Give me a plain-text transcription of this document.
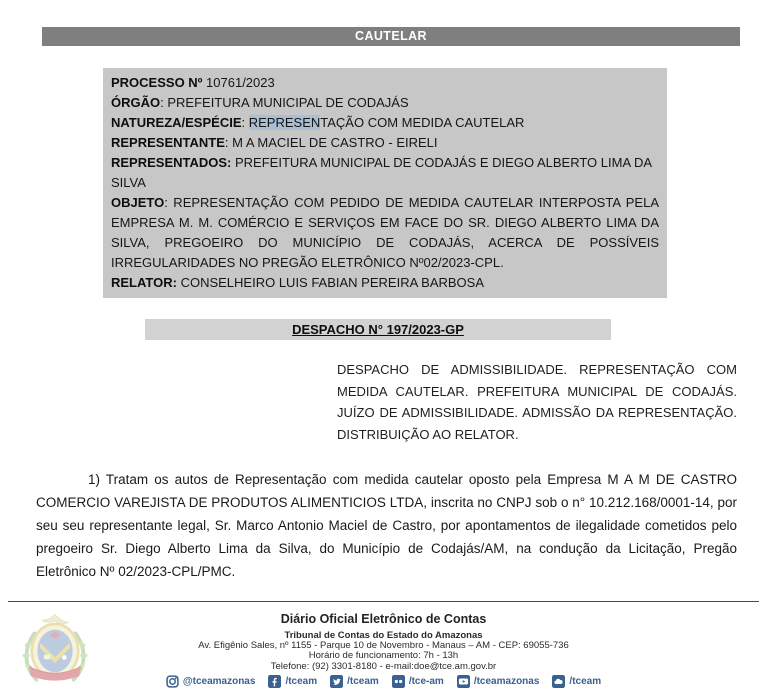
CAUTELAR
PROCESSO Nº 10761/2023
ÓRGÃO: PREFEITURA MUNICIPAL DE CODAJÁS
NATUREZA/ESPÉCIE: REPRESENTAÇÃO COM MEDIDA CAUTELAR
REPRESENTANTE: M A MACIEL DE CASTRO - EIRELI
REPRESENTADOS: PREFEITURA MUNICIPAL DE CODAJÁS E DIEGO ALBERTO LIMA DA SILVA
OBJETO: REPRESENTAÇÃO COM PEDIDO DE MEDIDA CAUTELAR INTERPOSTA PELA EMPRESA M. M. COMÉRCIO E SERVIÇOS EM FACE DO SR. DIEGO ALBERTO LIMA DA SILVA, PREGOEIRO DO MUNICÍPIO DE CODAJÁS, ACERCA DE POSSÍVEIS IRREGULARIDADES NO PREGÃO ELETRÔNICO Nº02/2023-CPL.
RELATOR: CONSELHEIRO LUIS FABIAN PEREIRA BARBOSA
DESPACHO N° 197/2023-GP
DESPACHO DE ADMISSIBILIDADE. REPRESENTAÇÃO COM MEDIDA CAUTELAR. PREFEITURA MUNICIPAL DE CODAJÁS. JUÍZO DE ADMISSIBILIDADE. ADMISSÃO DA REPRESENTAÇÃO. DISTRIBUIÇÃO AO RELATOR.
1) Tratam os autos de Representação com medida cautelar oposto pela Empresa M A M DE CASTRO COMERCIO VAREJISTA DE PRODUTOS ALIMENTICIOS LTDA, inscrita no CNPJ sob o n° 10.212.168/0001-14, por seu seu representante legal, Sr. Marco Antonio Maciel de Castro, por apontamentos de ilegalidade cometidos pelo pregoeiro Sr. Diego Alberto Lima da Silva, do Município de Codajás/AM, na condução da Licitação, Pregão Eletrônico Nº 02/2023-CPL/PMC.
Diário Oficial Eletrônico de Contas
Tribunal de Contas do Estado do Amazonas
Av. Efigênio Sales, nº 1155 - Parque 10 de Novembro - Manaus – AM - CEP: 69055-736
Horário de funcionamento: 7h - 13h
Telefone: (92) 3301-8180 - e-mail:doe@tce.am.gov.br
@tceamazonas	/tceam	/tceam	/tce-am	/tceamazonas	/tceam
